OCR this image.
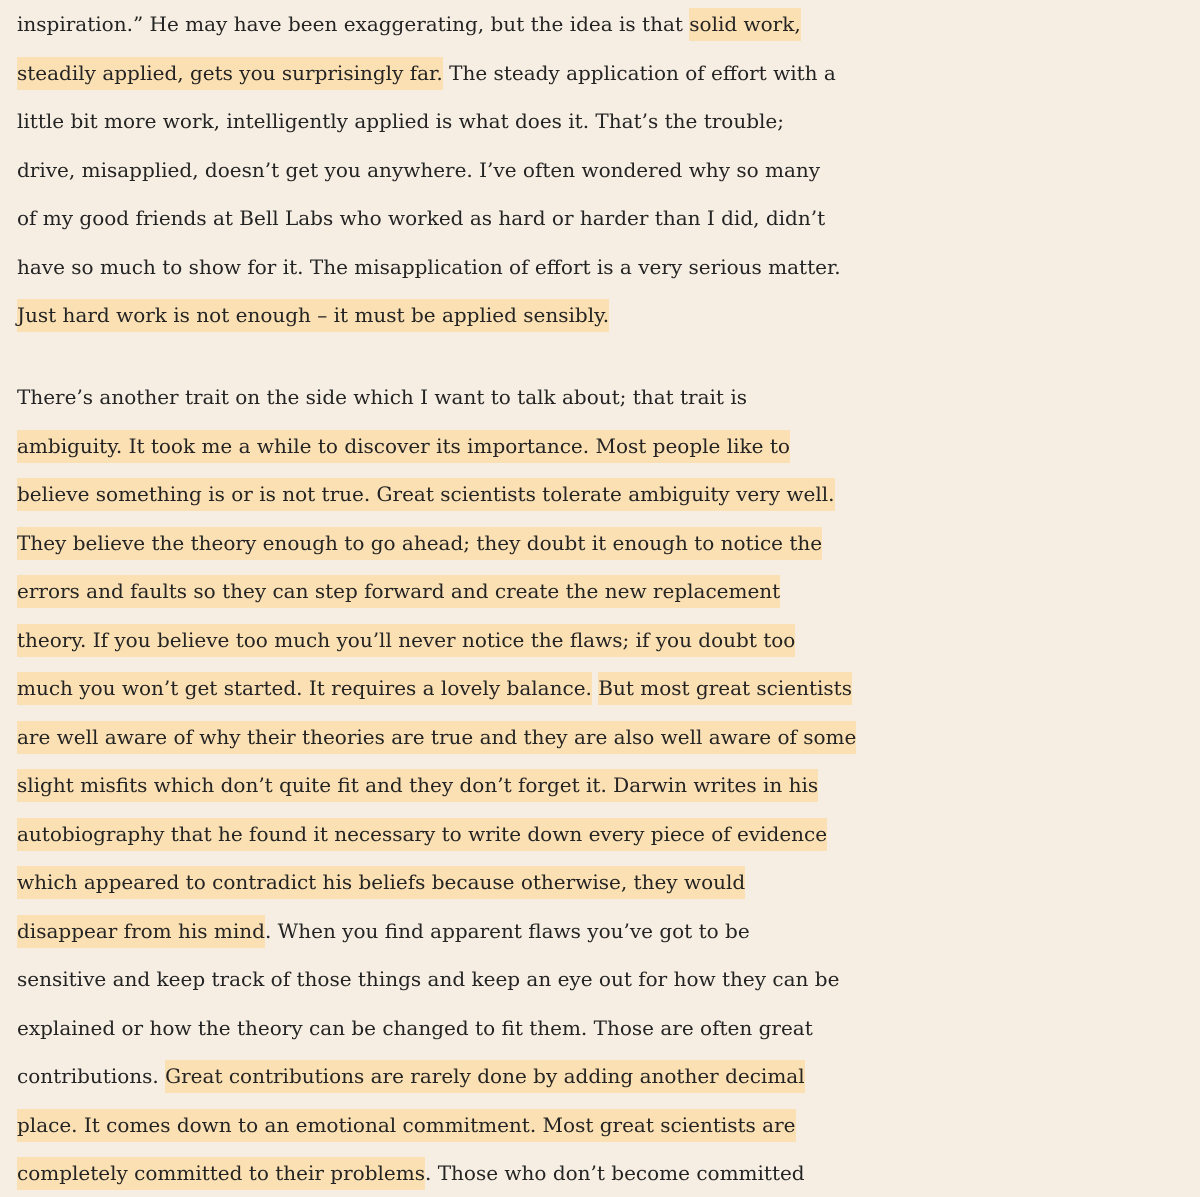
inspiration.” He may have been exaggerating, but the idea is that solid work,
steadily applied, gets you surprisingly far. The steady application of effort with a
little bit more work, intelligently applied is what does it. That’s the trouble;
drive, misapplied, doesn’t get you anywhere. I’ve often wondered why so many
of my good friends at Bell Labs who worked as hard or harder than I did, didn’t
have so much to show for it. The misapplication of effort is a very serious matter.
Just hard work is not enough – it must be applied sensibly.
There’s another trait on the side which I want to talk about; that trait is
ambiguity. It took me a while to discover its importance. Most people like to
believe something is or is not true. Great scientists tolerate ambiguity very well.
They believe the theory enough to go ahead; they doubt it enough to notice the
errors and faults so they can step forward and create the new replacement
theory. If you believe too much you’ll never notice the flaws; if you doubt too
much you won’t get started. It requires a lovely balance. But most great scientists
are well aware of why their theories are true and they are also well aware of some
slight misfits which don’t quite fit and they don’t forget it. Darwin writes in his
autobiography that he found it necessary to write down every piece of evidence
which appeared to contradict his beliefs because otherwise, they would
disappear from his mind. When you find apparent flaws you’ve got to be
sensitive and keep track of those things and keep an eye out for how they can be
explained or how the theory can be changed to fit them. Those are often great
contributions. Great contributions are rarely done by adding another decimal
place. It comes down to an emotional commitment. Most great scientists are
completely committed to their problems. Those who don’t become committed
